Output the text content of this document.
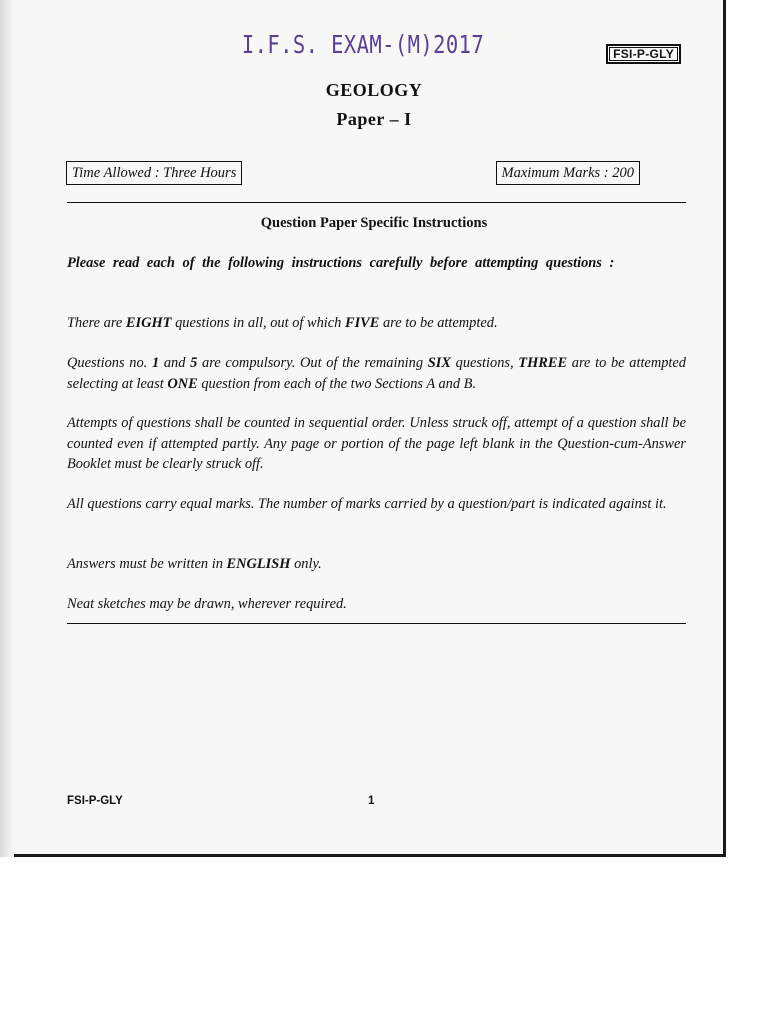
I.F.S. EXAM-(M)2017	FSI-P-GLY
GEOLOGY
Paper – I
Time Allowed : Three Hours	Maximum Marks : 200
Question Paper Specific Instructions
Please read each of the following instructions carefully before attempting questions :
There are EIGHT questions in all, out of which FIVE are to be attempted.
Questions no. 1 and 5 are compulsory. Out of the remaining SIX questions, THREE are to be attempted selecting at least ONE question from each of the two Sections A and B.
Attempts of questions shall be counted in sequential order. Unless struck off, attempt of a question shall be counted even if attempted partly. Any page or portion of the page left blank in the Question-cum-Answer Booklet must be clearly struck off.
All questions carry equal marks. The number of marks carried by a question/part is indicated against it.
Answers must be written in ENGLISH only.
Neat sketches may be drawn, wherever required.
FSI-P-GLY	1
